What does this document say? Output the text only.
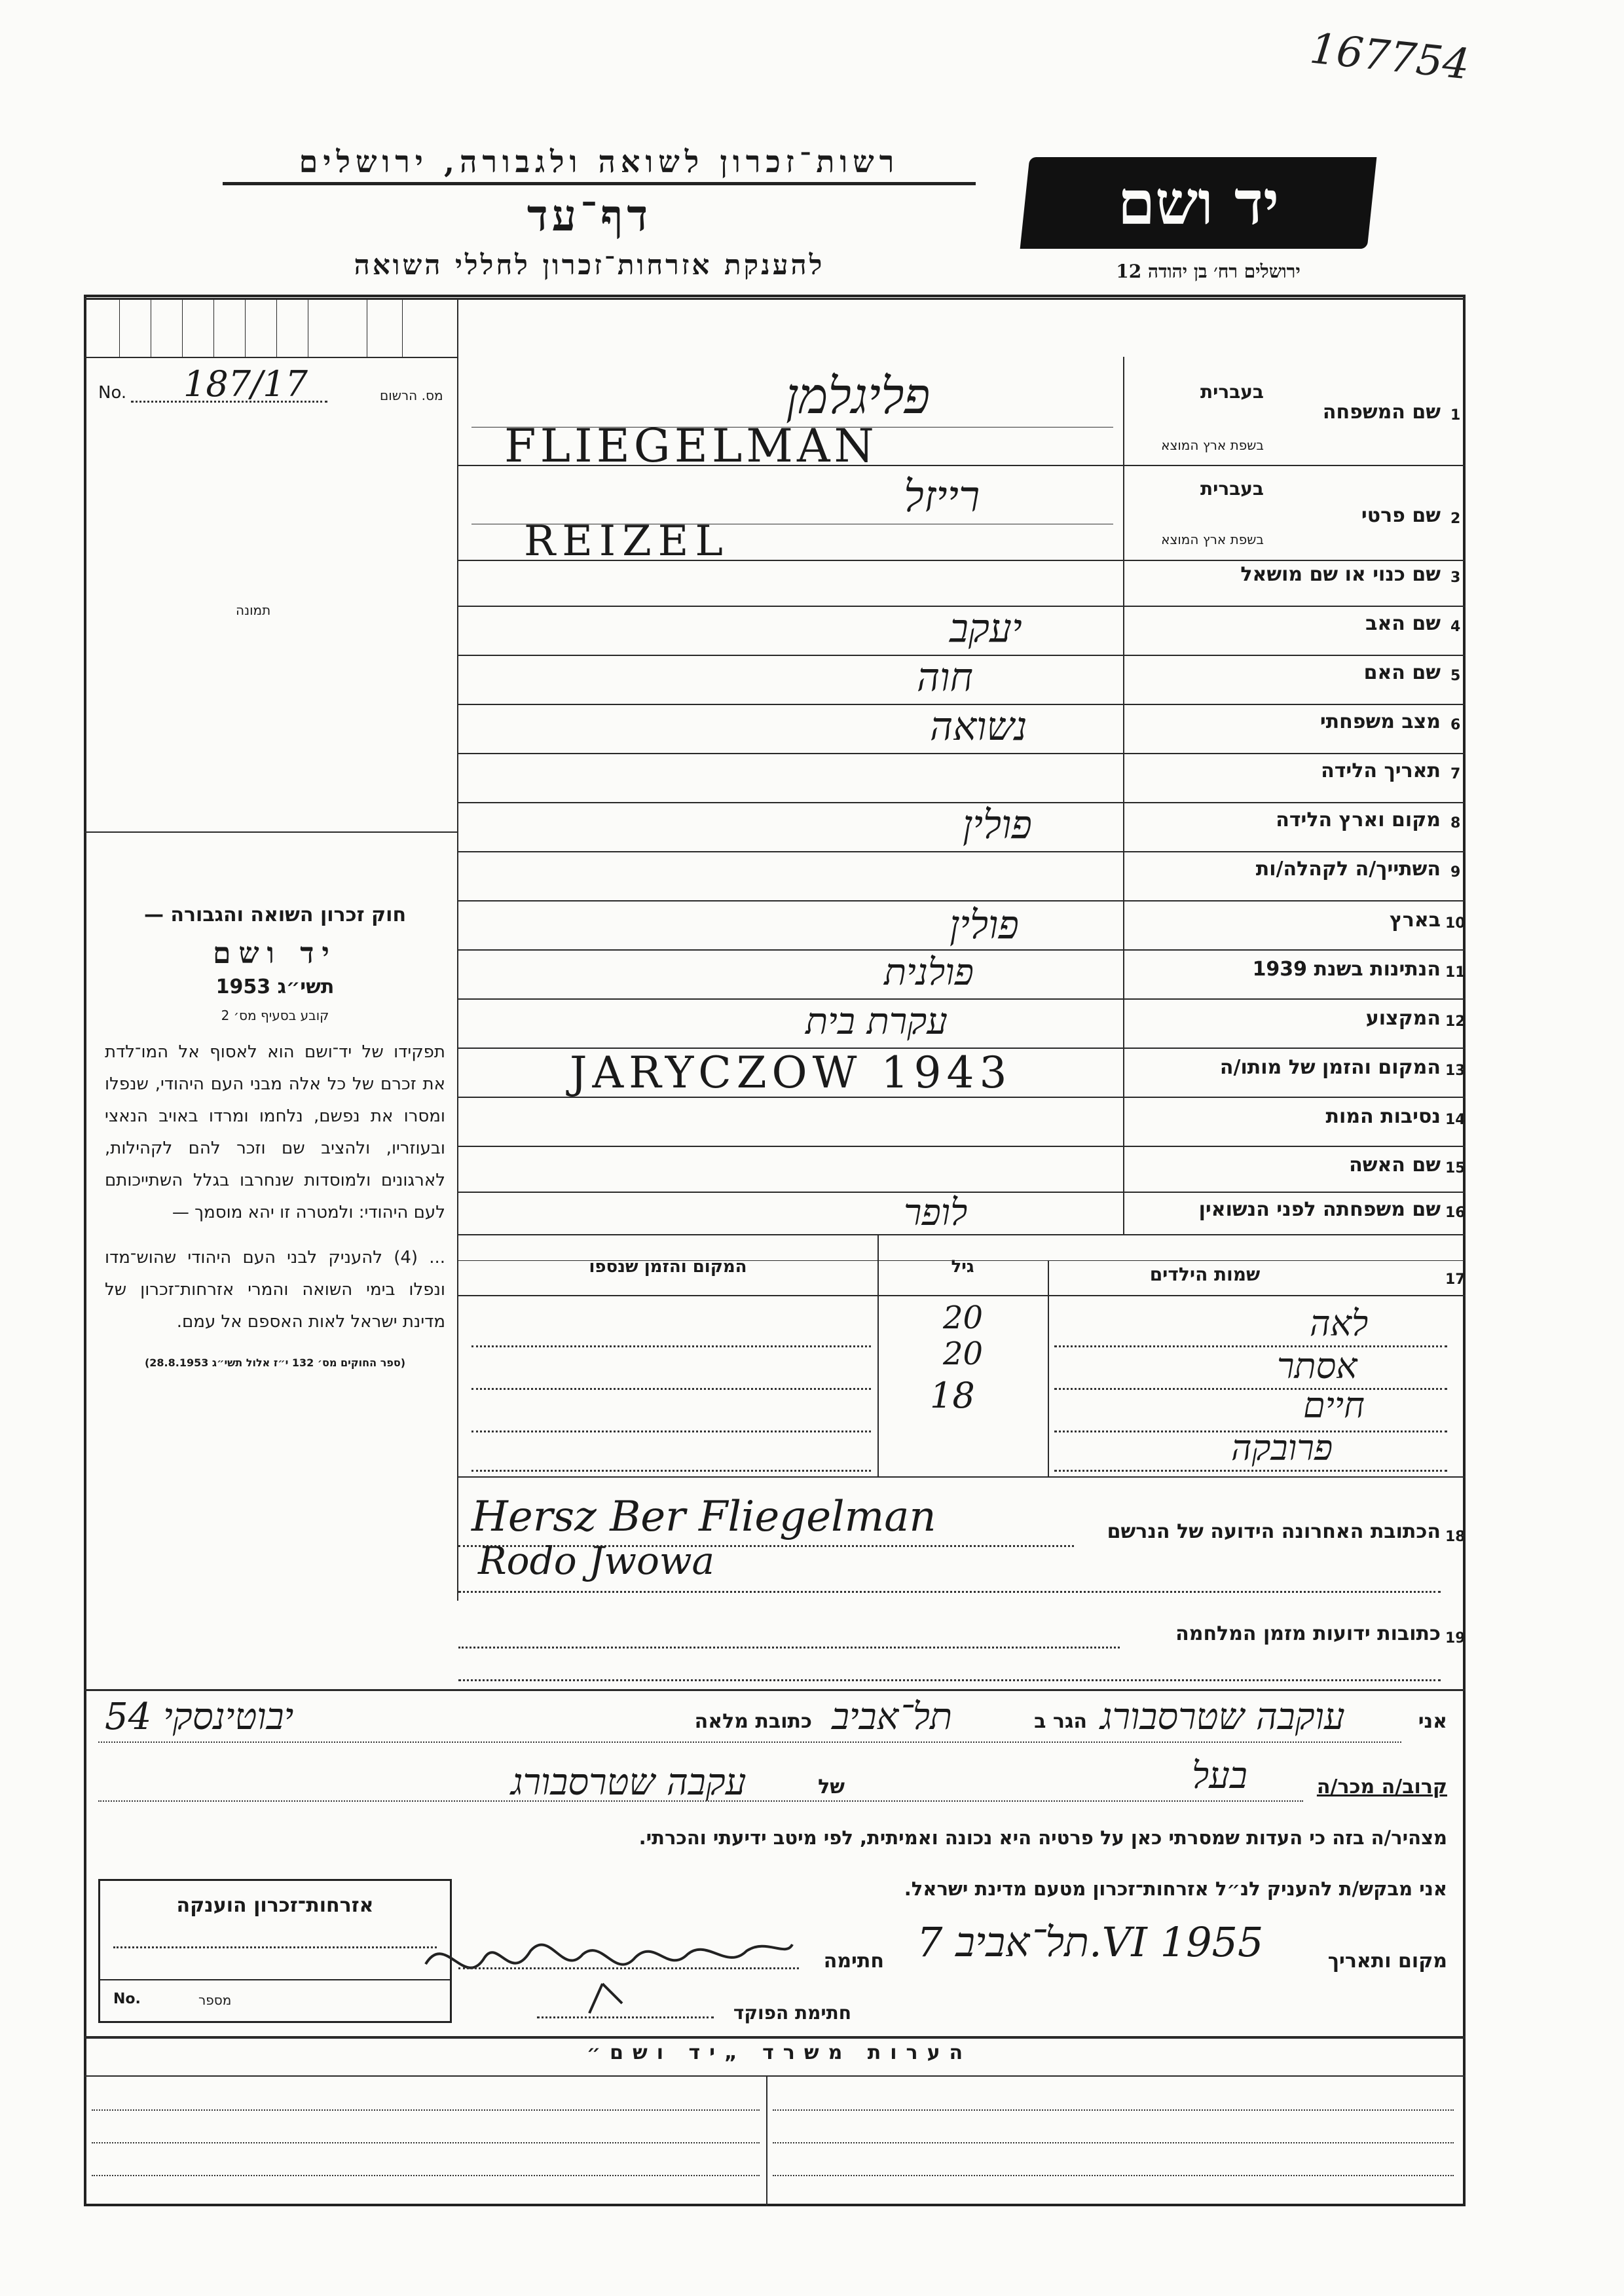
167754
רשות־זכרון לשואה ולגבורה, ירושלים
דף־עד
להענקת אזרחות־זכרון לחללי השואה
יד ושם
ירושלים רח׳ בן יהודה 12
No. 187/17	מס. הרשום
תמונה
חוק זכרון השואה והגבורה —
יד ושם
תשי״ג 1953
קובע בסעיף מס׳ 2
תפקידו של יד־ושם הוא לאסוף אל המו־לדת את זכרם של כל אלה מבני העם היהודי, שנפלו ומסרו את נפשם, נלחמו ומרדו באויב הנאצי ובעוזריו, ולהציב שם וזכר להם לקהילות, לארגונים ולמוסדות שנחרבו בגלל השתייכותם לעם היהודי: ולמטרה זו יהא מוסמך —
... (4) להעניק לבני העם היהודי שהוש־מדו ונפלו בימי השואה והמרי אזרחות־זכרון של מדינת ישראל לאות האספם אל עמם.
(ספר החוקים מס׳ 132 י״ז אלול תשי״ג 28.8.1953)
1
שם המשפחה
בעברית
בשפת ארץ המוצא
פליגלמן
FLIEGELMAN
2
שם פרטי
בעברית
בשפת ארץ המוצא
רייזל
REIZEL
3
שם כנוי או שם מושאל
4
שם האב
יעקב
5
שם האם
חוה
6
מצב משפחתי
נשואה
7
תאריך הלידה
8
מקום וארץ הלידה
פולין
9
השתייך/ה לקהלה/ות
10
בארץ
פולין
11
הנתינות בשנת 1939
פולנית
12
המקצוע
עקרת בית
13
המקום והזמן של מותו/ה
JARYCZOW 1943
14
נסיבות המות
15
שם האשה
16
שם משפחתה לפני הנשואין
לופר
17
שמות הילדים
גיל
המקום והזמן שנספו
לאה
20
אסתר
20
חיים
18
פרובקה
18
הכתובת האחרונה הידועה של הנרשם
Hersz Ber Fliegelman
Rodo Jwowa
19
כתובות ידועות מזמן המלחמה
אני
עוקבה שטרסבורג
הגר ב
תל־אביב
כתובת מלאה
יבוטינסקי 54
קרוב/ה מכר/ה
בעל
של
עקבה שטרסבורג
מצהיר/ה בזה כי העדות שמסרתי כאן על פרטיה היא נכונה ואמיתית, לפי מיטב ידיעתי והכרתי.
אני מבקש/ת להעניק לנ״ל אזרחות־זכרון מטעם מדינת ישראל.
אזרחות־זכרון הוענקה
No.	מספר
מקום ותאריך
תל־אביב 7.VI 1955
חתימה
חתימת הפוקד
הערות משרד „יד ושם״
